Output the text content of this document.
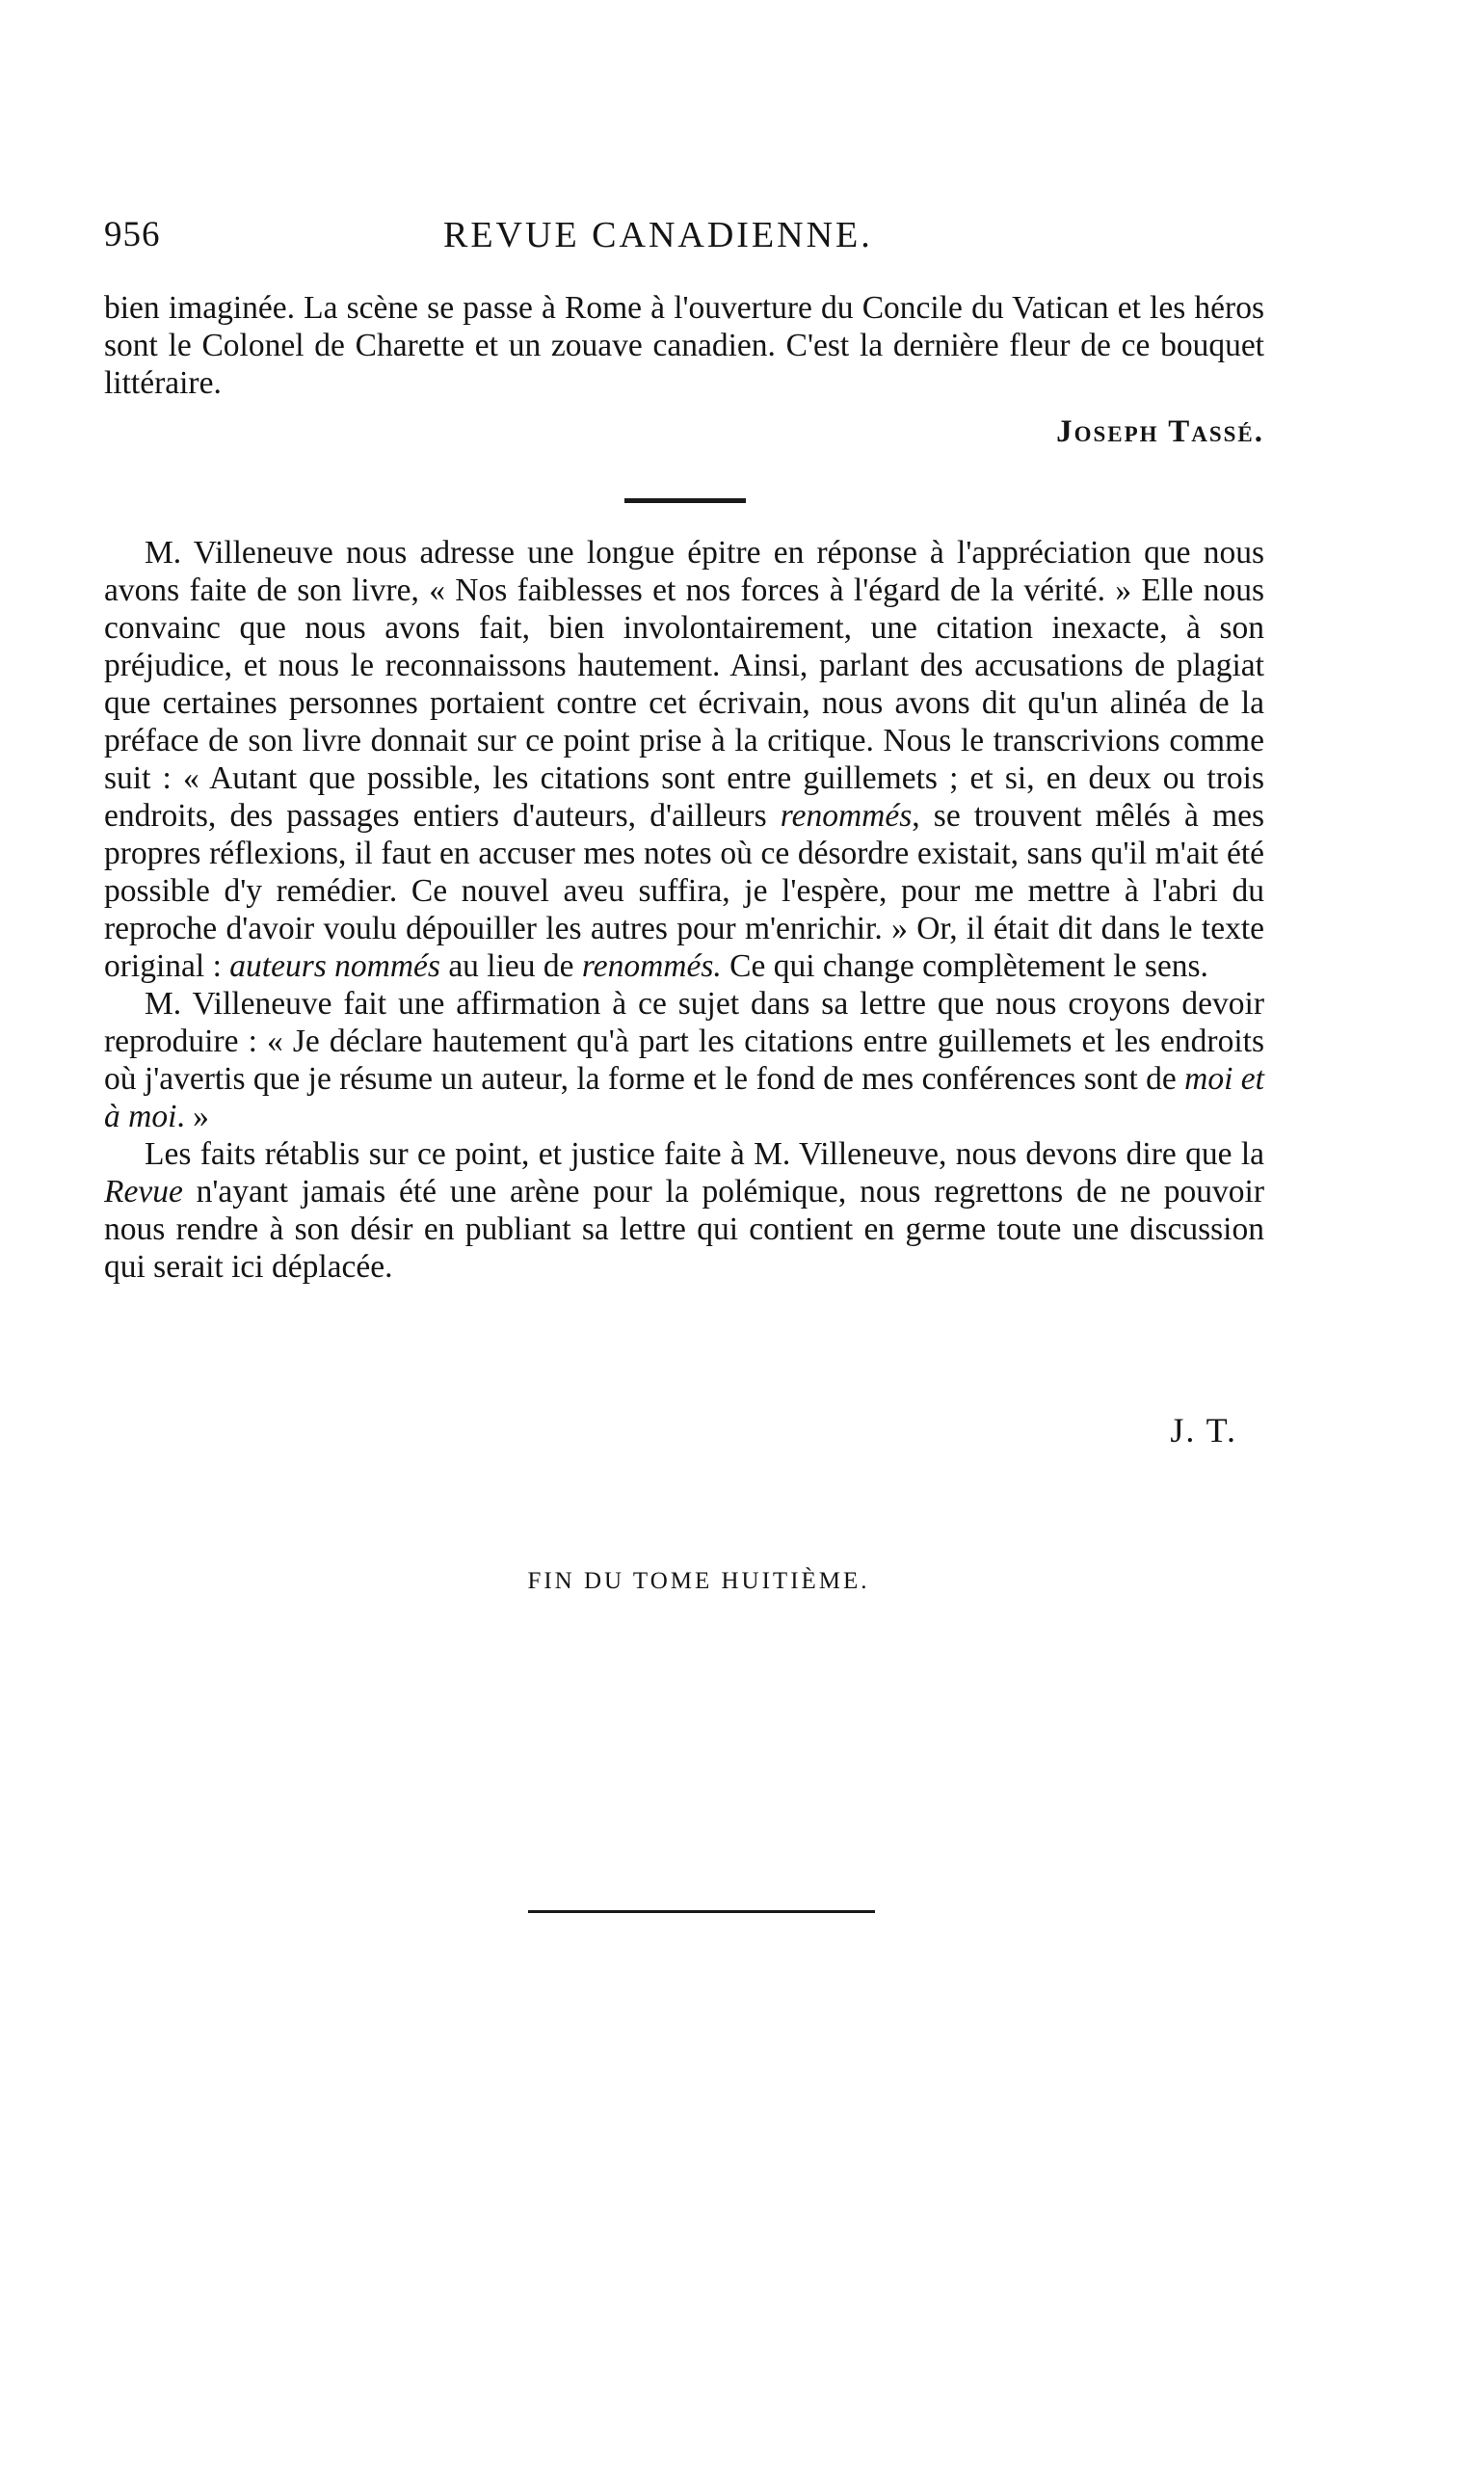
956	REVUE CANADIENNE.

bien imaginée. La scène se passe à Rome à l'ouverture du Concile du Vatican et les héros sont le Colonel de Charette et un zouave canadien. C'est la dernière fleur de ce bouquet littéraire.

Joseph Tassé.

M. Villeneuve nous adresse une longue épitre en réponse à l'appréciation que nous avons faite de son livre, « Nos faiblesses et nos forces à l'égard de la vérité. » Elle nous convainc que nous avons fait, bien involontairement, une citation inexacte, à son préjudice, et nous le reconnaissons hautement. Ainsi, parlant des accusations de plagiat que certaines personnes portaient contre cet écrivain, nous avons dit qu'un alinéa de la préface de son livre donnait sur ce point prise à la critique. Nous le transcrivions comme suit : « Autant que possible, les citations sont entre guillemets ; et si, en deux ou trois endroits, des passages entiers d'auteurs, d'ailleurs renommés, se trouvent mêlés à mes propres réflexions, il faut en accuser mes notes où ce désordre existait, sans qu'il m'ait été possible d'y remédier. Ce nouvel aveu suffira, je l'espère, pour me mettre à l'abri du reproche d'avoir voulu dépouiller les autres pour m'enrichir. » Or, il était dit dans le texte original : auteurs nommés au lieu de renommés. Ce qui change complètement le sens.

M. Villeneuve fait une affirmation à ce sujet dans sa lettre que nous croyons devoir reproduire : « Je déclare hautement qu'à part les citations entre guillemets et les endroits où j'avertis que je résume un auteur, la forme et le fond de mes conférences sont de moi et à moi. »

Les faits rétablis sur ce point, et justice faite à M. Villeneuve, nous devons dire que la Revue n'ayant jamais été une arène pour la polémique, nous regrettons de ne pouvoir nous rendre à son désir en publiant sa lettre qui contient en germe toute une discussion qui serait ici déplacée.

J. T.
FIN DU TOME HUITIÈME.
